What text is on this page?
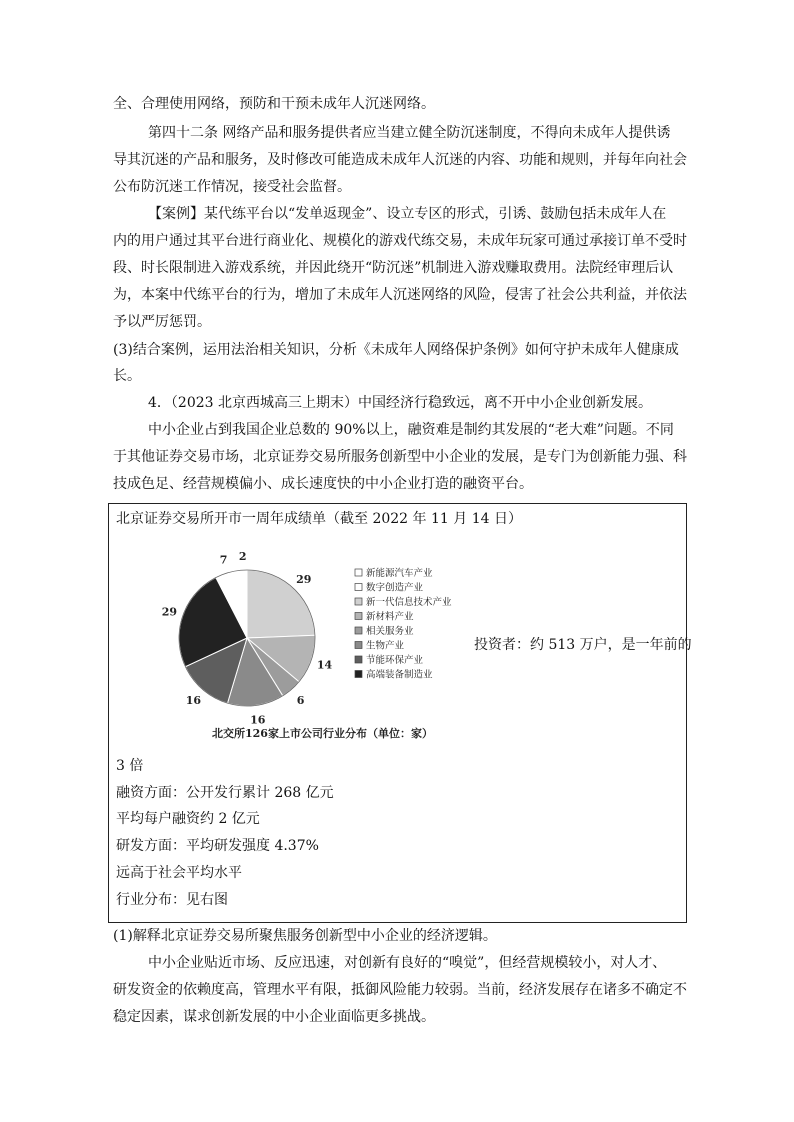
全、合理使用网络，预防和干预未成年人沉迷网络。
第四十二条 网络产品和服务提供者应当建立健全防沉迷制度，不得向未成年人提供诱
导其沉迷的产品和服务，及时修改可能造成未成年人沉迷的内容、功能和规则，并每年向社会
公布防沉迷工作情况，接受社会监督。
【案例】某代练平台以“发单返现金”、设立专区的形式，引诱、鼓励包括未成年人在
内的用户通过其平台进行商业化、规模化的游戏代练交易，未成年玩家可通过承接订单不受时
段、时长限制进入游戏系统，并因此绕开“防沉迷”机制进入游戏赚取费用。法院经审理后认
为，本案中代练平台的行为，增加了未成年人沉迷网络的风险，侵害了社会公共利益，并依法
予以严厉惩罚。
(3)结合案例，运用法治相关知识，分析《未成年人网络保护条例》如何守护未成年人健康成
长。
4．（2023 北京西城高三上期末）中国经济行稳致远，离不开中小企业创新发展。
中小企业占到我国企业总数的 90%以上，融资难是制约其发展的“老大难”问题。不同
于其他证券交易市场，北京证券交易所服务创新型中小企业的发展，是专门为创新能力强、科
技成色足、经营规模偏小、成长速度快的中小企业打造的融资平台。
北京证券交易所开市一周年成绩单（截至 2022 年 11 月 14 日）
2
29
14
6
16
16
29
7
新能源汽车产业
数字创造产业
新一代信息技术产业
新材料产业
相关服务业
生物产业
节能环保产业
高端装备制造业
北交所126家上市公司行业分布（单位：家）
投资者：约 513 万户，是一年前的
3 倍
融资方面：公开发行累计 268 亿元
平均每户融资约 2 亿元
研发方面：平均研发强度 4.37%
远高于社会平均水平
行业分布：见右图
(1)解释北京证券交易所聚焦服务创新型中小企业的经济逻辑。
中小企业贴近市场、反应迅速，对创新有良好的“嗅觉”，但经营规模较小，对人才、
研发资金的依赖度高，管理水平有限，抵御风险能力较弱。当前，经济发展存在诸多不确定不
稳定因素，谋求创新发展的中小企业面临更多挑战。
